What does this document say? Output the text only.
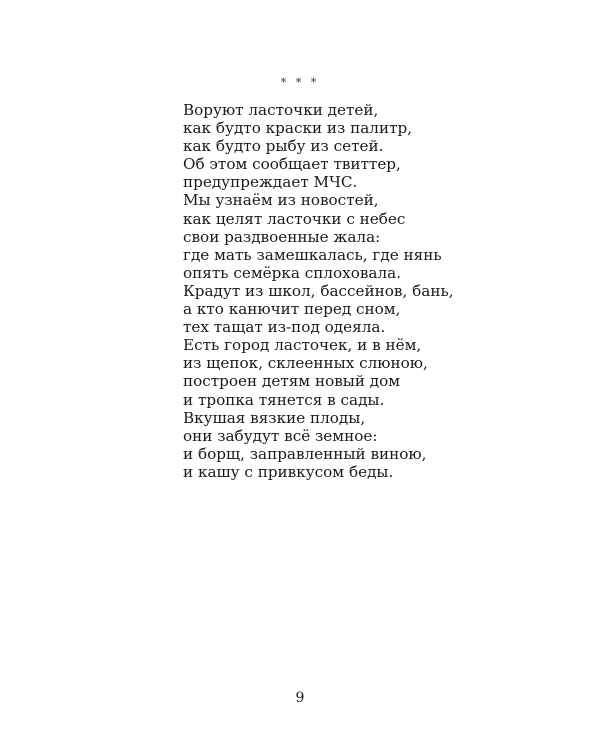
* * *
Воруют ласточки детей,
как будто краски из палитр,
как будто рыбу из сетей.
Об этом сообщает твиттер,
предупреждает МЧС.
Мы узнаём из новостей,
как целят ласточки с небес
свои раздвоенные жала:
где мать замешкалась, где нянь
опять семёрка сплоховала.
Крадут из школ, бассейнов, бань,
а кто канючит перед сном,
тех тащат из-под одеяла.
Есть город ласточек, и в нём,
из щепок, склеенных слюною,
построен детям новый дом
и тропка тянется в сады.
Вкушая вязкие плоды,
они забудут всё земное:
и борщ, заправленный виною,
и кашу с привкусом беды.
9
